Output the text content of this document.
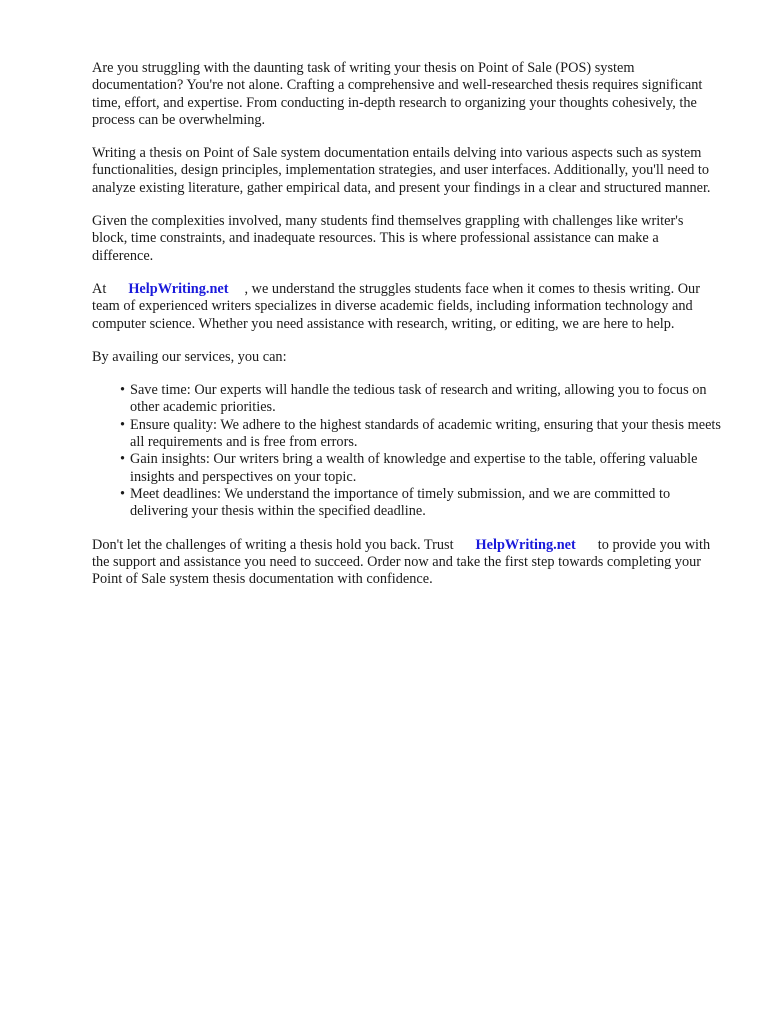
Are you struggling with the daunting task of writing your thesis on Point of Sale (POS) system documentation? You're not alone. Crafting a comprehensive and well-researched thesis requires significant time, effort, and expertise. From conducting in-depth research to organizing your thoughts cohesively, the process can be overwhelming.

Writing a thesis on Point of Sale system documentation entails delving into various aspects such as system functionalities, design principles, implementation strategies, and user interfaces. Additionally, you'll need to analyze existing literature, gather empirical data, and present your findings in a clear and structured manner.

Given the complexities involved, many students find themselves grappling with challenges like writer's block, time constraints, and inadequate resources. This is where professional assistance can make a difference.

At HelpWriting.net , we understand the struggles students face when it comes to thesis writing. Our team of experienced writers specializes in diverse academic fields, including information technology and computer science. Whether you need assistance with research, writing, or editing, we are here to help.

By availing our services, you can:

• Save time: Our experts will handle the tedious task of research and writing, allowing you to focus on other academic priorities.
• Ensure quality: We adhere to the highest standards of academic writing, ensuring that your thesis meets all requirements and is free from errors.
• Gain insights: Our writers bring a wealth of knowledge and expertise to the table, offering valuable insights and perspectives on your topic.
• Meet deadlines: We understand the importance of timely submission, and we are committed to delivering your thesis within the specified deadline.

Don't let the challenges of writing a thesis hold you back. Trust HelpWriting.net to provide you with the support and assistance you need to succeed. Order now and take the first step towards completing your Point of Sale system thesis documentation with confidence.
